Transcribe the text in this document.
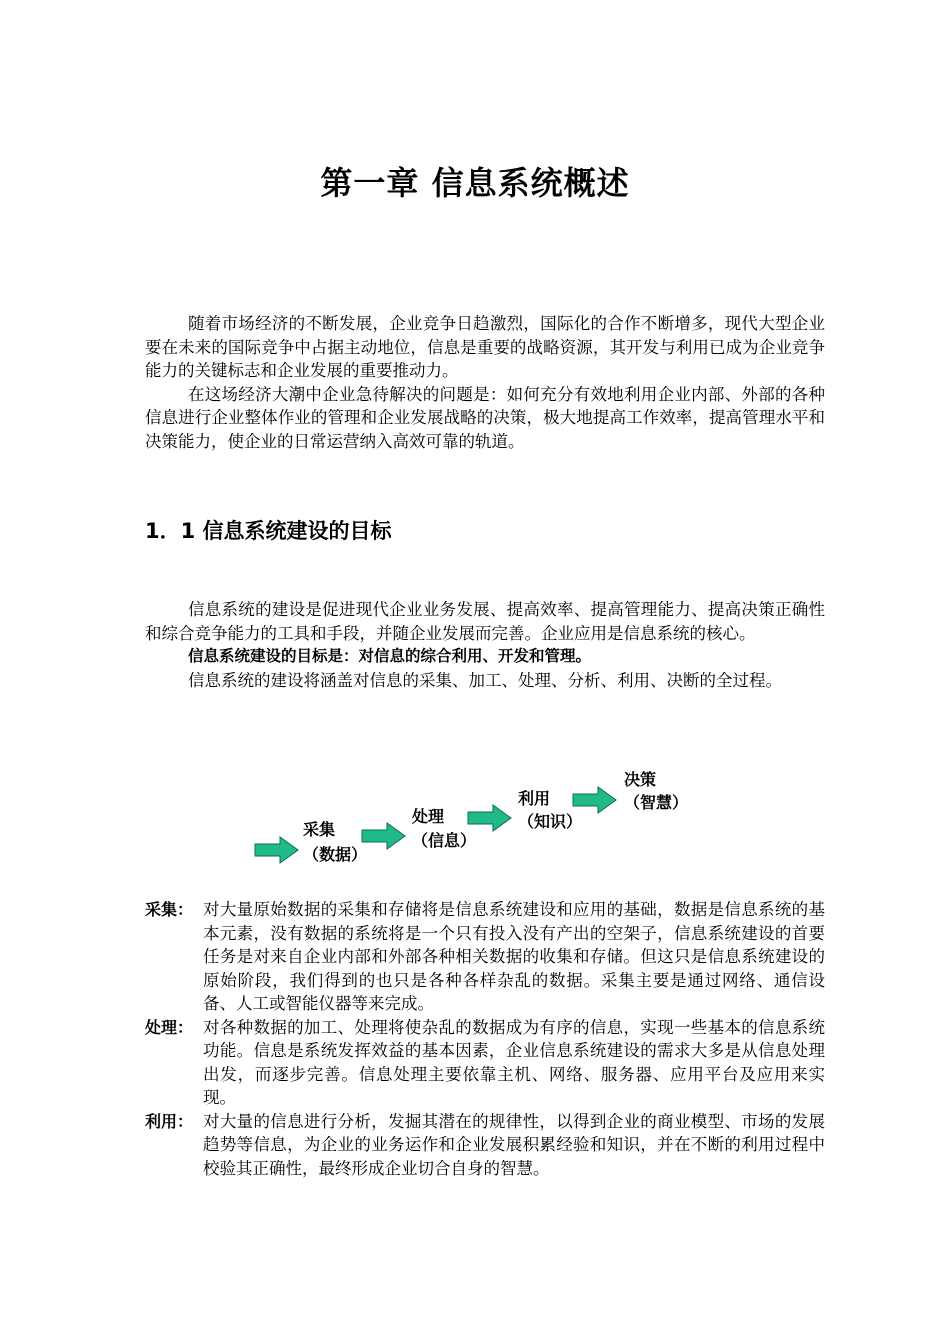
第一章 信息系统概述

随着市场经济的不断发展，企业竞争日趋激烈，国际化的合作不断增多，现代大型企业要在未来的国际竞争中占据主动地位，信息是重要的战略资源，其开发与利用已成为企业竞争能力的关键标志和企业发展的重要推动力。

在这场经济大潮中企业急待解决的问题是：如何充分有效地利用企业内部、外部的各种信息进行企业整体作业的管理和企业发展战略的决策，极大地提高工作效率，提高管理水平和决策能力，使企业的日常运营纳入高效可靠的轨道。

1．1 信息系统建设的目标

信息系统的建设是促进现代企业业务发展、提高效率、提高管理能力、提高决策正确性和综合竞争能力的工具和手段，并随企业发展而完善。企业应用是信息系统的核心。

信息系统建设的目标是：对信息的综合利用、开发和管理。

信息系统的建设将涵盖对信息的采集、加工、处理、分析、利用、决断的全过程。

采集
（数据）
处理
（信息）
利用
（知识）
决策
（智慧）
采集： 对大量原始数据的采集和存储将是信息系统建设和应用的基础，数据是信息系统的基本元素，没有数据的系统将是一个只有投入没有产出的空架子，信息系统建设的首要任务是对来自企业内部和外部各种相关数据的收集和存储。但这只是信息系统建设的原始阶段，我们得到的也只是各种各样杂乱的数据。采集主要是通过网络、通信设备、人工或智能仪器等来完成。
处理： 对各种数据的加工、处理将使杂乱的数据成为有序的信息，实现一些基本的信息系统功能。信息是系统发挥效益的基本因素，企业信息系统建设的需求大多是从信息处理出发，而逐步完善。信息处理主要依靠主机、网络、服务器、应用平台及应用来实现。
利用： 对大量的信息进行分析，发掘其潜在的规律性，以得到企业的商业模型、市场的发展趋势等信息，为企业的业务运作和企业发展积累经验和知识，并在不断的利用过程中校验其正确性，最终形成企业切合自身的智慧。
